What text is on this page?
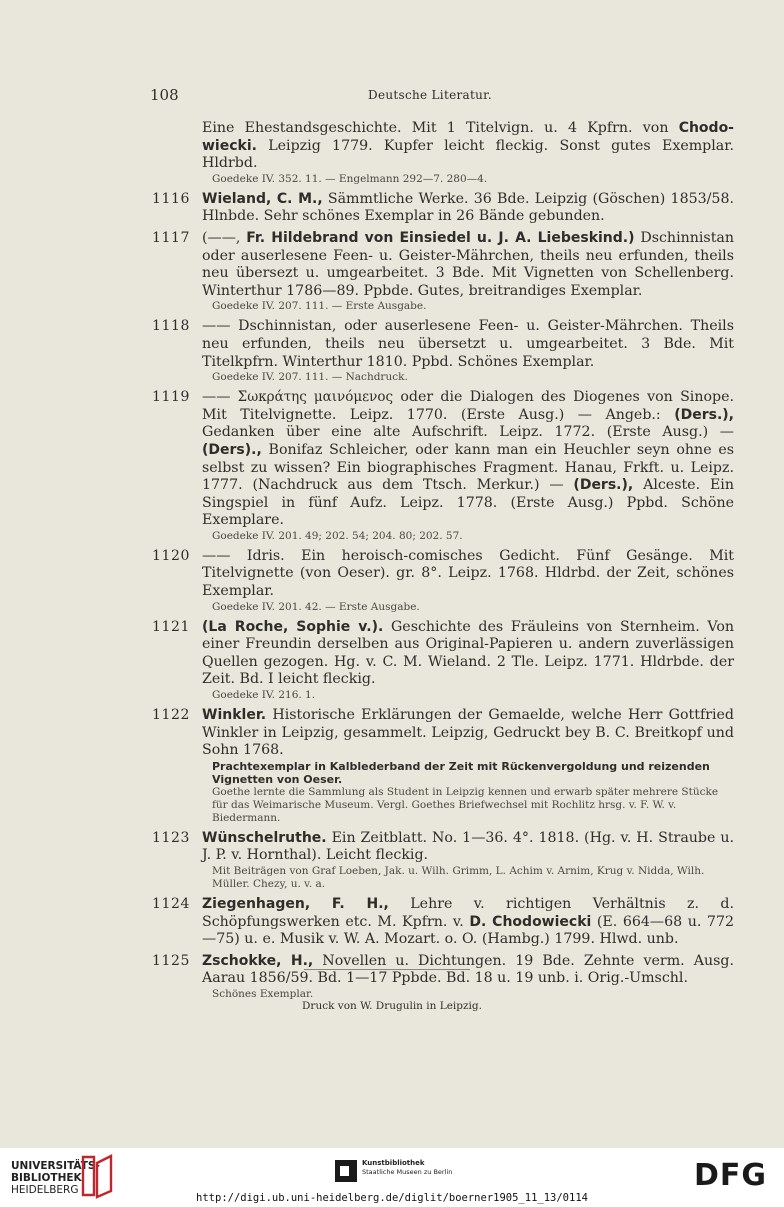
108	Deutsche Literatur.
Eine Ehestandsgeschichte. Mit 1 Titelvign. u. 4 Kpfrn. von Chodo-wiecki. Leipzig 1779. Kupfer leicht fleckig. Sonst gutes Exemplar. Hldrbd.
Goedeke IV. 352. 11. — Engelmann 292—7. 280—4.
1116 Wieland, C. M., Sämmtliche Werke. 36 Bde. Leipzig (Göschen) 1853/58. Hlnbde. Sehr schönes Exemplar in 26 Bände gebunden.
1117 (——, Fr. Hildebrand von Einsiedel u. J. A. Liebeskind.) Dschinnistan oder auserlesene Feen- u. Geister-Mährchen, theils neu erfunden, theils neu übersezt u. umgearbeitet. 3 Bde. Mit Vignetten von Schellenberg. Winterthur 1786—89. Ppbde. Gutes, breitrandiges Exemplar.
Goedeke IV. 207. 111. — Erste Ausgabe.
1118 —— Dschinnistan, oder auserlesene Feen- u. Geister-Mährchen. Theils neu erfunden, theils neu übersetzt u. umgearbeitet. 3 Bde. Mit Titelkpfrn. Winterthur 1810. Ppbd. Schönes Exemplar.
Goedeke IV. 207. 111. — Nachdruck.
1119 —— Σωκράτης μαινόμενος oder die Dialogen des Diogenes von Sinope. Mit Titelvignette. Leipz. 1770. (Erste Ausg.) — Angeb.: (Ders.), Gedanken über eine alte Aufschrift. Leipz. 1772. (Erste Ausg.) — (Ders)., Bonifaz Schleicher, oder kann man ein Heuchler seyn ohne es selbst zu wissen? Ein biographisches Fragment. Hanau, Frkft. u. Leipz. 1777. (Nachdruck aus dem Ttsch. Merkur.) — (Ders.), Alceste. Ein Singspiel in fünf Aufz. Leipz. 1778. (Erste Ausg.) Ppbd. Schöne Exemplare.
Goedeke IV. 201. 49; 202. 54; 204. 80; 202. 57.
1120 —— Idris. Ein heroisch-comisches Gedicht. Fünf Gesänge. Mit Titelvignette (von Oeser). gr. 8°. Leipz. 1768. Hldrbd. der Zeit, schönes Exemplar.
Goedeke IV. 201. 42. — Erste Ausgabe.
1121 (La Roche, Sophie v.). Geschichte des Fräuleins von Sternheim. Von einer Freundin derselben aus Original-Papieren u. andern zuverlässigen Quellen gezogen. Hg. v. C. M. Wieland. 2 Tle. Leipz. 1771. Hldrbde. der Zeit. Bd. I leicht fleckig.
Goedeke IV. 216. 1.
1122 Winkler. Historische Erklärungen der Gemaelde, welche Herr Gottfried Winkler in Leipzig, gesammelt. Leipzig, Gedruckt bey B. C. Breitkopf und Sohn 1768.
Prachtexemplar in Kalblederband der Zeit mit Rückenvergoldung und reizenden Vignetten von Oeser.
Goethe lernte die Sammlung als Student in Leipzig kennen und erwarb später mehrere Stücke für das Weimarische Museum. Vergl. Goethes Briefwechsel mit Rochlitz hrsg. v. F. W. v. Biedermann.
1123 Wünschelruthe. Ein Zeitblatt. No. 1—36. 4°. 1818. (Hg. v. H. Straube u. J. P. v. Hornthal). Leicht fleckig.
Mit Beiträgen von Graf Loeben, Jak. u. Wilh. Grimm, L. Achim v. Arnim, Krug v. Nidda, Wilh. Müller. Chezy, u. v. a.
1124 Ziegenhagen, F. H., Lehre v. richtigen Verhältnis z. d. Schöpfungswerken etc. M. Kpfrn. v. D. Chodowiecki (E. 664—68 u. 772—75) u. e. Musik v. W. A. Mozart. o. O. (Hambg.) 1799. Hlwd. unb.
1125 Zschokke, H., Novellen u. Dichtungen. 19 Bde. Zehnte verm. Ausg. Aarau 1856/59. Bd. 1—17 Ppbde. Bd. 18 u. 19 unb. i. Orig.-Umschl.
Schönes Exemplar.
Druck von W. Drugulin in Leipzig.
UNIVERSITÄTS-
BIBLIOTHEK
HEIDELBERG
Kunstbibliothek
Staatliche Museen zu Berlin	DFG
http://digi.ub.uni-heidelberg.de/diglit/boerner1905_11_13/0114
